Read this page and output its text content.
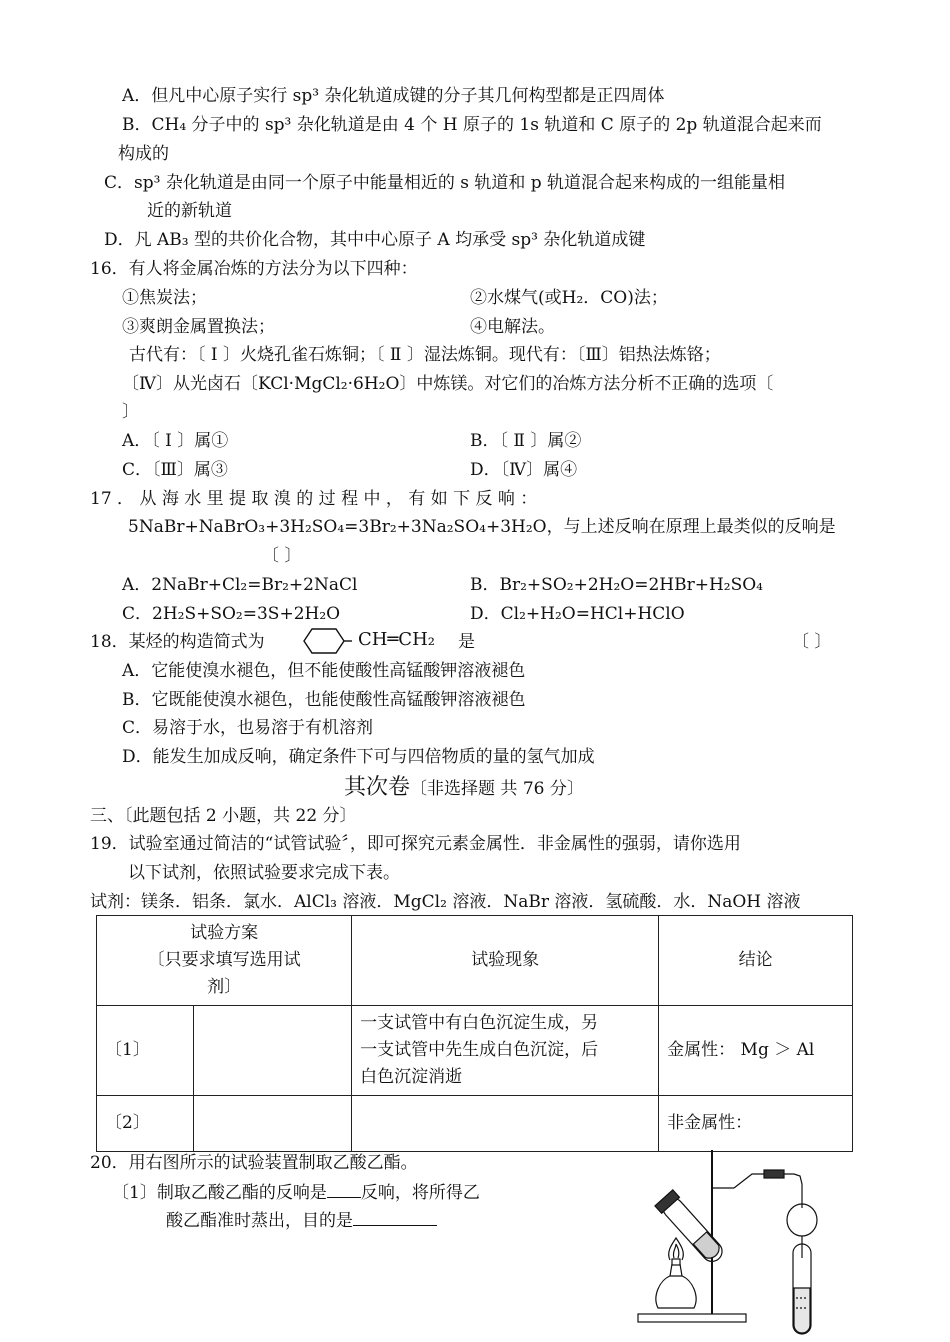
A．但凡中心原子实行 sp³ 杂化轨道成键的分子其几何构型都是正四周体
B．CH₄ 分子中的 sp³ 杂化轨道是由 4 个 H 原子的 1s 轨道和 C 原子的 2p 轨道混合起来而
构成的
C．sp³ 杂化轨道是由同一个原子中能量相近的 s 轨道和 p 轨道混合起来构成的一组能量相
近的新轨道
D．凡 AB₃ 型的共价化合物，其中中心原子 A 均承受 sp³ 杂化轨道成键
16．有人将金属冶炼的方法分为以下四种：
①焦炭法；	②水煤气(或H₂．CO)法；
③爽朗金属置换法；	④电解法。
古代有：〔 Ⅰ 〕火烧孔雀石炼铜；〔 Ⅱ 〕湿法炼铜。现代有：〔Ⅲ〕铝热法炼铬；
〔Ⅳ〕从光卤石〔KCl·MgCl₂·6H₂O〕中炼镁。对它们的冶炼方法分析不正确的选项〔
〕
A．〔 Ⅰ 〕属①	B．〔 Ⅱ 〕属②
C．〔Ⅲ〕属③	D．〔Ⅳ〕属④
17 ． 从 海 水 里 提 取 溴 的 过 程 中 ， 有 如 下 反 响 ：
5NaBr+NaBrO₃+3H₂SO₄=3Br₂+3Na₂SO₄+3H₂O，与上述反响在原理上最类似的反响是
〔 〕
A．2NaBr+Cl₂=Br₂+2NaCl	B．Br₂+SO₂+2H₂O=2HBr+H₂SO₄
C．2H₂S+SO₂=3S+2H₂O	D．Cl₂+H₂O=HCl+HClO
18．某烃的构造简式为	CH═CH₂ 是	〔 〕
A．它能使溴水褪色，但不能使酸性高锰酸钾溶液褪色
B．它既能使溴水褪色，也能使酸性高锰酸钾溶液褪色
C．易溶于水，也易溶于有机溶剂
D．能发生加成反响，确定条件下可与四倍物质的量的氢气加成
其次卷〔非选择题 共 76 分〕
三、〔此题包括 2 小题，共 22 分〕
19．试验室通过简洁的“试管试验〞，即可探究元素金属性．非金属性的强弱，请你选用
以下试剂，依照试验要求完成下表。
试剂：镁条．铝条．氯水．AlCl₃ 溶液．MgCl₂ 溶液．NaBr 溶液．氢硫酸．水．NaOH 溶液
试验方案
〔只要求填写选用试
剂〕		试验现象	结论
〔1〕		一支试管中有白色沉淀生成，另
一支试管中先生成白色沉淀，后
白色沉淀消逝	金属性： Mg ＞ Al
〔2〕			非金属性：
20．用右图所示的试验装置制取乙酸乙酯。
〔1〕制取乙酸乙酯的反响是 反响，将所得乙
酸乙酯准时蒸出，目的是
